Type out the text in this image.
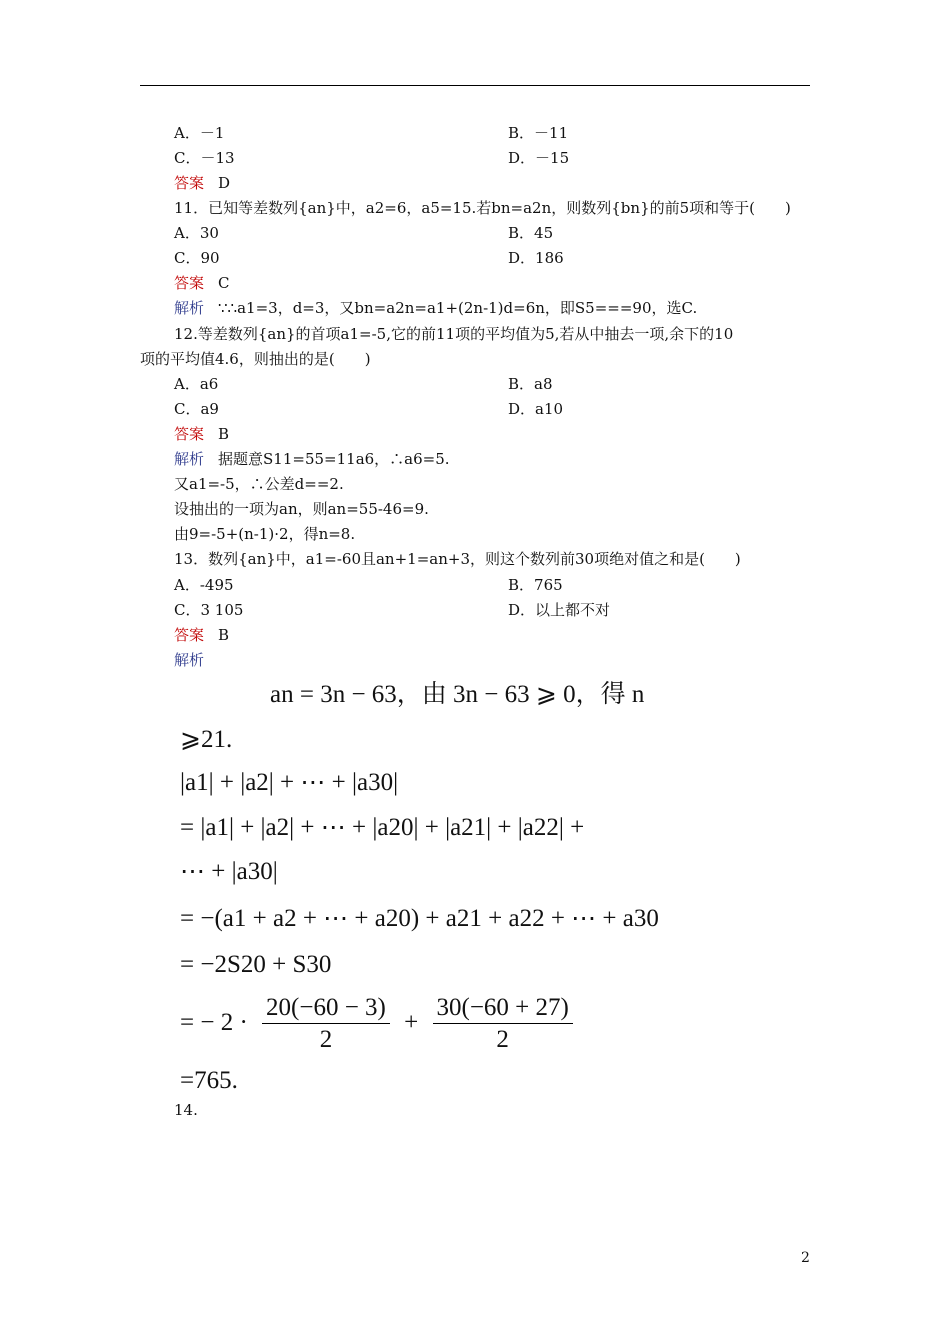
A．－1	B．－11
C．－13	D．－15
答案 D
11．已知等差数列{an}中，a2=6，a5=15.若bn=a2n，则数列{bn}的前5项和等于(　　)
A．30	B．45
C．90	D．186
答案 C
解析 ∵∴a1=3，d=3，又bn=a2n=a1+(2n-1)d=6n，即S5===90，选C.
12.等差数列{an}的首项a1=-5,它的前11项的平均值为5,若从中抽去一项,余下的10
项的平均值4.6，则抽出的是(　　)
A．a6	B．a8
C．a9	D．a10
答案 B
解析 据题意S11=55=11a6，∴a6=5.
又a1=-5，∴公差d==2.
设抽出的一项为an，则an=55-46=9.
由9=-5+(n-1)·2，得n=8.
13．数列{an}中，a1=-60且an+1=an+3，则这个数列前30项绝对值之和是(　　)
A．-495	B．765
C．3 105	D．以上都不对
答案 B
解析
an = 3n − 63，由 3n − 63 ⩾ 0，得 n
⩾21.
|a1| + |a2| + ⋯ + |a30|
= |a1| + |a2| + ⋯ + |a20| + |a21| + |a22| +
⋯ + |a30|
= −(a1 + a2 + ⋯ + a20) + a21 + a22 + ⋯ + a30
= −2S20 + S30
= − $2 \cdot \frac{20(-60 - 3)}{2} + \frac{30(-60 + 27)}{2}$
=765.
14.
2
